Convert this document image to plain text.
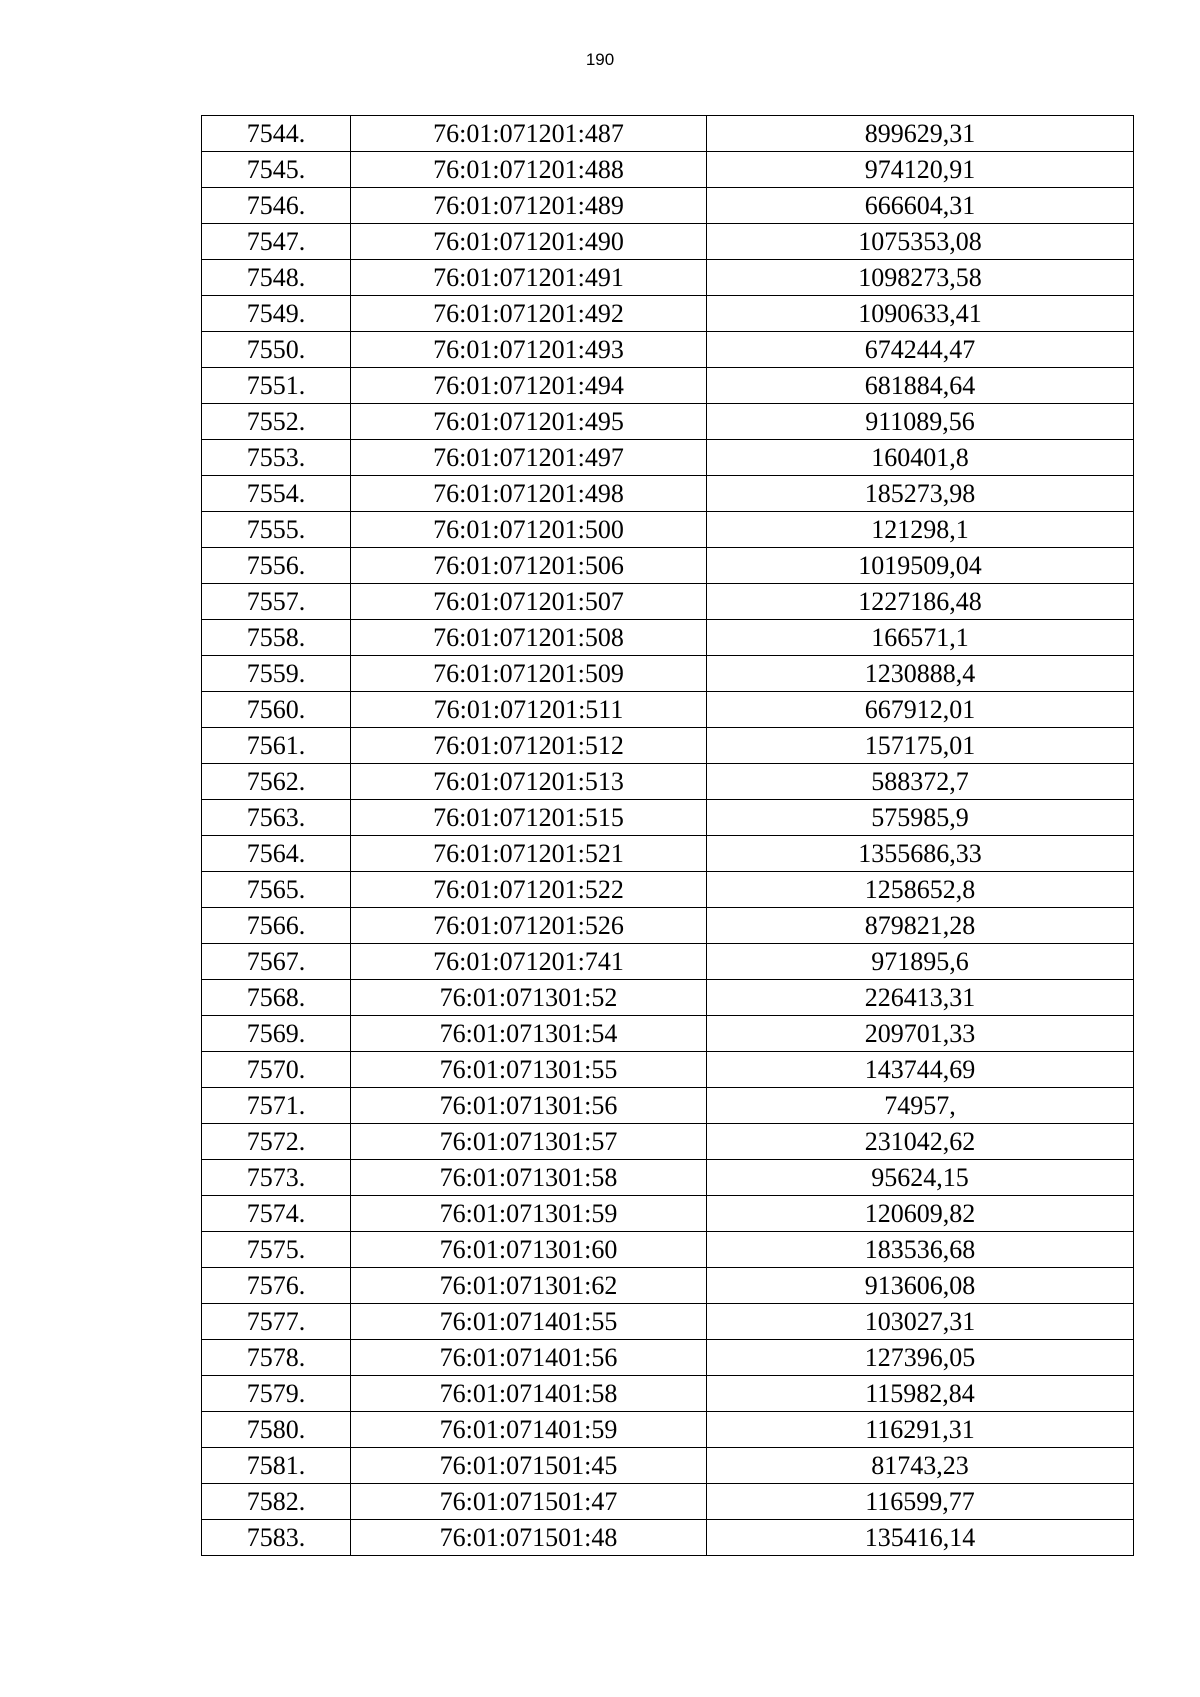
190
7544.	76:01:071201:487	899629,31
7545.	76:01:071201:488	974120,91
7546.	76:01:071201:489	666604,31
7547.	76:01:071201:490	1075353,08
7548.	76:01:071201:491	1098273,58
7549.	76:01:071201:492	1090633,41
7550.	76:01:071201:493	674244,47
7551.	76:01:071201:494	681884,64
7552.	76:01:071201:495	911089,56
7553.	76:01:071201:497	160401,8
7554.	76:01:071201:498	185273,98
7555.	76:01:071201:500	121298,1
7556.	76:01:071201:506	1019509,04
7557.	76:01:071201:507	1227186,48
7558.	76:01:071201:508	166571,1
7559.	76:01:071201:509	1230888,4
7560.	76:01:071201:511	667912,01
7561.	76:01:071201:512	157175,01
7562.	76:01:071201:513	588372,7
7563.	76:01:071201:515	575985,9
7564.	76:01:071201:521	1355686,33
7565.	76:01:071201:522	1258652,8
7566.	76:01:071201:526	879821,28
7567.	76:01:071201:741	971895,6
7568.	76:01:071301:52	226413,31
7569.	76:01:071301:54	209701,33
7570.	76:01:071301:55	143744,69
7571.	76:01:071301:56	74957,
7572.	76:01:071301:57	231042,62
7573.	76:01:071301:58	95624,15
7574.	76:01:071301:59	120609,82
7575.	76:01:071301:60	183536,68
7576.	76:01:071301:62	913606,08
7577.	76:01:071401:55	103027,31
7578.	76:01:071401:56	127396,05
7579.	76:01:071401:58	115982,84
7580.	76:01:071401:59	116291,31
7581.	76:01:071501:45	81743,23
7582.	76:01:071501:47	116599,77
7583.	76:01:071501:48	135416,14
